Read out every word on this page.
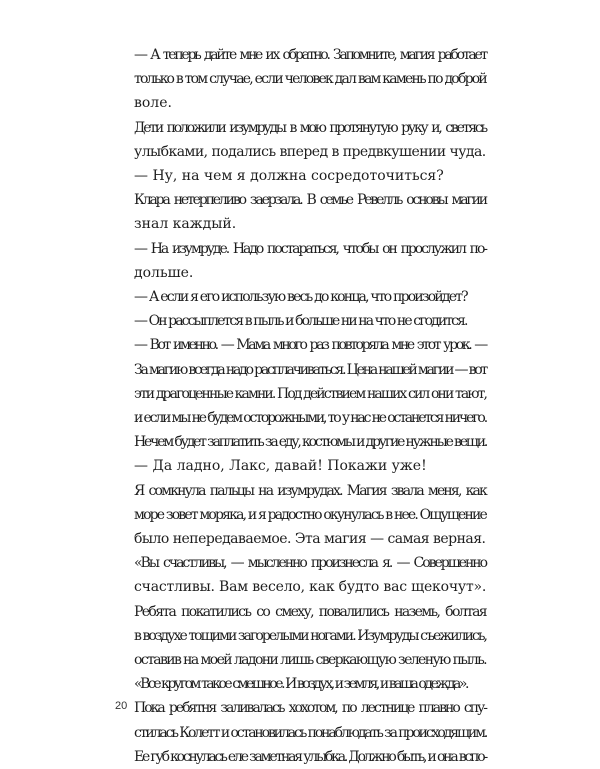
— А теперь дайте мне их обратно. Запомните, магия работает
только в том случае, если человек дал вам камень по доброй
воле.

Дети положили изумруды в мою протянутую руку и, светясь
улыбками, подались вперед в предвкушении чуда.

— Ну, на чем я должна сосредоточиться?

Клара нетерпеливо заерзала. В семье Ревелль основы магии
знал каждый.

— На изумруде. Надо постараться, чтобы он прослужил по-
дольше.

— А если я его использую весь до конца, что произойдет?

— Он рассыплется в пыль и больше ни на что не сгодится.

— Вот именно. — Мама много раз повторяла мне этот урок. —
За магию всегда надо расплачиваться. Цена нашей магии — вот
эти драгоценные камни. Под действием наших сил они тают,
и если мы не будем осторожными, то у нас не останется ничего.
Нечем будет заплатить за еду, костюмы и другие нужные вещи.

— Да ладно, Лакс, давай! Покажи уже!

Я сомкнула пальцы на изумрудах. Магия звала меня, как
море зовет моряка, и я радостно окунулась в нее. Ощущение
было непередаваемое. Эта магия — самая верная.

«Вы счастливы, — мысленно произнесла я. — Совершенно
счастливы. Вам весело, как будто вас щекочут».

Ребята покатились со смеху, повалились наземь, болтая
в воздухе тощими загорелыми ногами. Изумруды съежились,
оставив на моей ладони лишь сверкающую зеленую пыль.

«Все кругом такое смешное. И воздух, и земля, и ваша одежда».

Пока ребятня заливалась хохотом, по лестнице плавно спу-
стилась Колетт и остановилась понаблюдать за происходящим.
Ее губ коснулась еле заметная улыбка. Должно быть, и она вспо-

20
